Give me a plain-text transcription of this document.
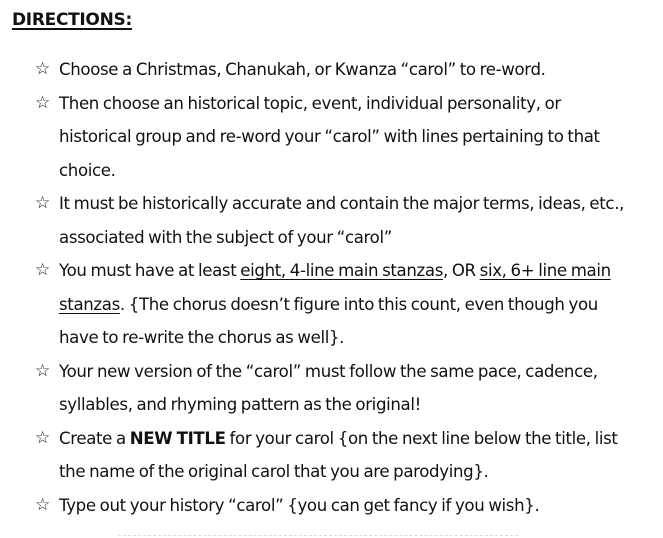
DIRECTIONS:
☆ Choose a Christmas, Chanukah, or Kwanza “carol” to re-word.
☆ Then choose an historical topic, event, individual personality, or historical group and re-word your “carol” with lines pertaining to that choice.
☆ It must be historically accurate and contain the major terms, ideas, etc., associated with the subject of your “carol”
☆ You must have at least eight, 4-line main stanzas, OR six, 6+ line main stanzas. {The chorus doesn’t figure into this count, even though you have to re-write the chorus as well}.
☆ Your new version of the “carol” must follow the same pace, cadence, syllables, and rhyming pattern as the original!
☆ Create a NEW TITLE for your carol {on the next line below the title, list the name of the original carol that you are parodying}.
☆ Type out your history “carol” {you can get fancy if you wish}.
